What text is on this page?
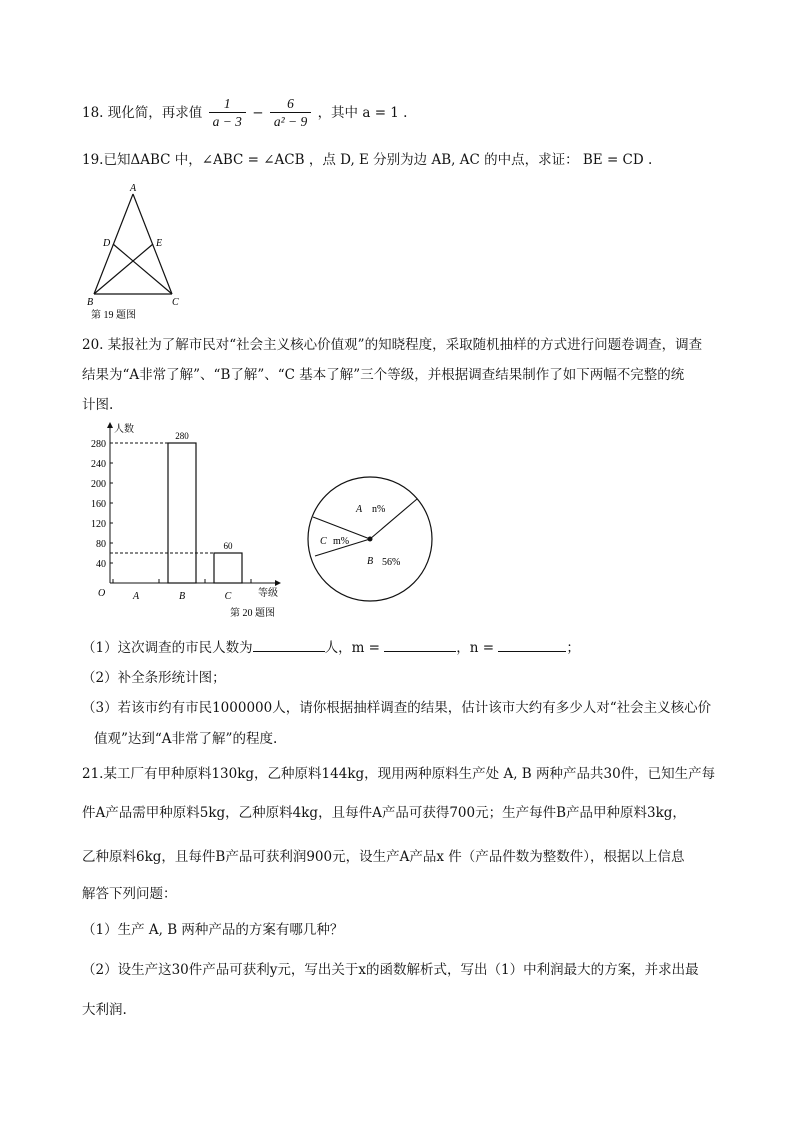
18. 现化简，再求值 $\frac{1}{a - 3} - \frac{6}{\text{a² − 9}}$ ，其中 a = 1 .
19.已知ΔABC 中，∠ABC = ∠ACB ，点 D, E 分别为边 AB, AC 的中点，求证： BE = CD .
A
D	E
B	C
第 19 题图
20. 某报社为了解市民对“社会主义核心价值观”的知晓程度，采取随机抽样的方式进行问题卷调查，调查
结果为“A非常了解”、“B了解”、“C 基本了解”三个等级，并根据调查结果制作了如下两幅不完整的统
计图.
40
80
120
160
200
240
280
A	B
280
C
60
人数
等级
O
第 20 题图
A n%
C m%
B 56%
（1）这次调查的市民人数为	人，m =	，n =	；
（2）补全条形统计图；
（3）若该市约有市民1000000人，请你根据抽样调查的结果，估计该市大约有多少人对“社会主义核心价
值观”达到“A非常了解”的程度.
21.某工厂有甲种原料130kg，乙种原料144kg，现用两种原料生产处 A, B 两种产品共30件，已知生产每
件A产品需甲种原料5kg，乙种原料4kg，且每件A产品可获得700元；生产每件B产品甲种原料3kg，
乙种原料6kg，且每件B产品可获利润900元，设生产A产品x 件（产品件数为整数件），根据以上信息
解答下列问题：
（1）生产 A, B 两种产品的方案有哪几种？
（2）设生产这30件产品可获利y元，写出关于x的函数解析式，写出（1）中利润最大的方案，并求出最
大利润.
